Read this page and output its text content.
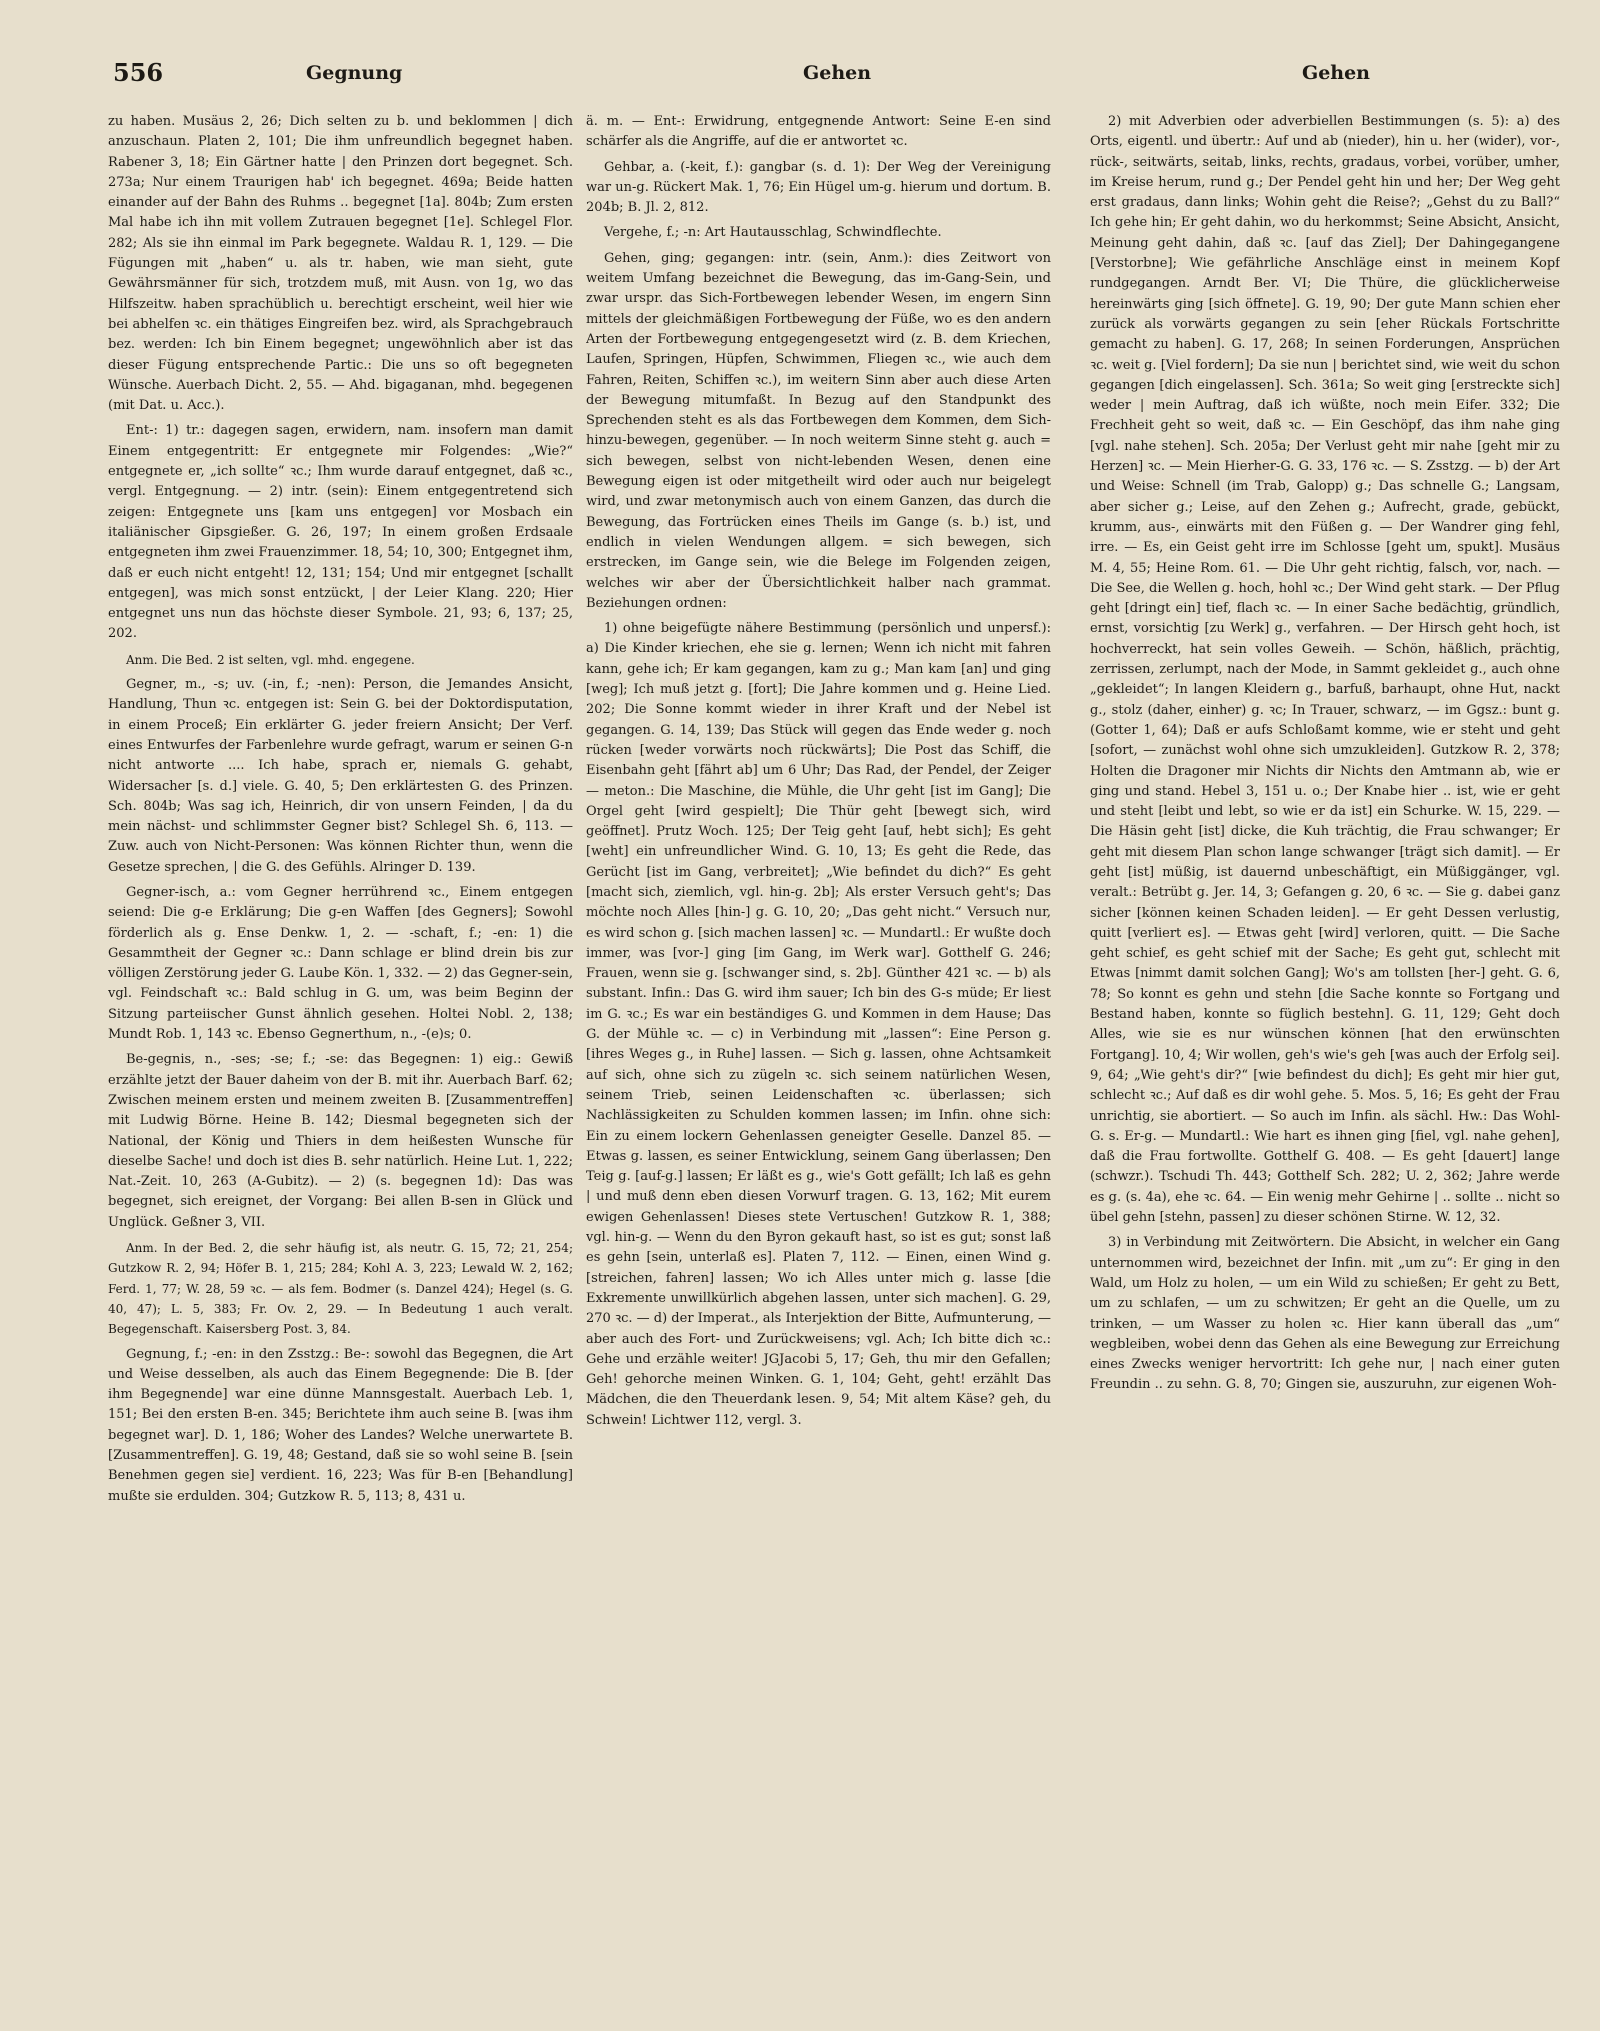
556	Gegnung	Gehen	Gehen

zu haben. Musäus 2, 26; Dich selten zu b. und beklommen | dich anzuschaun. Platen 2, 101; Die ihm unfreundlich begegnet haben. Rabener 3, 18; Ein Gärtner hatte | den Prinzen dort begegnet. Sch. 273a; Nur einem Traurigen hab' ich begegnet. 469a; Beide hatten einander auf der Bahn des Ruhms .. begegnet [1a]. 804b; Zum ersten Mal habe ich ihn mit vollem Zutrauen begegnet [1e]. Schlegel Flor. 282; Als sie ihn einmal im Park begegnete. Waldau R. 1, 129. — Die Fügungen mit „haben“ u. als tr. haben, wie man sieht, gute Gewährsmänner für sich, trotzdem muß, mit Ausn. von 1g, wo das Hilfszeitw. haben sprachüblich u. berechtigt erscheint, weil hier wie bei abhelfen ꝛc. ein thätiges Eingreifen bez. wird, als Sprachgebrauch bez. werden: Ich bin Einem begegnet; ungewöhnlich aber ist das dieser Fügung entsprechende Partic.: Die uns so oft begegneten Wünsche. Auerbach Dicht. 2, 55. — Ahd. bigaganan, mhd. begegenen (mit Dat. u. Acc.).

Ent-: 1) tr.: dagegen sagen, erwidern, nam. insofern man damit Einem entgegentritt: Er entgegnete mir Folgendes: „Wie?“ entgegnete er, „ich sollte“ ꝛc.; Ihm wurde darauf entgegnet, daß ꝛc., vergl. Entgegnung. — 2) intr. (sein): Einem entgegentretend sich zeigen: Entgegnete uns [kam uns entgegen] vor Mosbach ein italiänischer Gipsgießer. G. 26, 197; In einem großen Erdsaale entgegneten ihm zwei Frauenzimmer. 18, 54; 10, 300; Entgegnet ihm, daß er euch nicht entgeht! 12, 131; 154; Und mir entgegnet [schallt entgegen], was mich sonst entzückt, | der Leier Klang. 220; Hier entgegnet uns nun das höchste dieser Symbole. 21, 93; 6, 137; 25, 202.

Anm. Die Bed. 2 ist selten, vgl. mhd. engegene.

Gegner, m., -s; uv. (-in, f.; -nen): Person, die Jemandes Ansicht, Handlung, Thun ꝛc. entgegen ist: Sein G. bei der Doktordisputation, in einem Proceß; Ein erklärter G. jeder freiern Ansicht; Der Verf. eines Entwurfes der Farbenlehre wurde gefragt, warum er seinen G-n nicht antworte .... Ich habe, sprach er, niemals G. gehabt, Widersacher [s. d.] viele. G. 40, 5; Den erklärtesten G. des Prinzen. Sch. 804b; Was sag ich, Heinrich, dir von unsern Feinden, | da du mein nächst- und schlimmster Gegner bist? Schlegel Sh. 6, 113. — Zuw. auch von Nicht-Personen: Was können Richter thun, wenn die Gesetze sprechen, | die G. des Gefühls. Alringer D. 139.

Gegner-isch, a.: vom Gegner herrührend ꝛc., Einem entgegen seiend: Die g-e Erklärung; Die g-en Waffen [des Gegners]; Sowohl förderlich als g. Ense Denkw. 1, 2. — -schaft, f.; -en: 1) die Gesammtheit der Gegner ꝛc.: Dann schlage er blind drein bis zur völligen Zerstörung jeder G. Laube Kön. 1, 332. — 2) das Gegner-sein, vgl. Feindschaft ꝛc.: Bald schlug in G. um, was beim Beginn der Sitzung parteiischer Gunst ähnlich gesehen. Holtei Nobl. 2, 138; Mundt Rob. 1, 143 ꝛc. Ebenso Gegnerthum, n., -(e)s; 0.

Be-gegnis, n., -ses; -se; f.; -se: das Begegnen: 1) eig.: Gewiß erzählte jetzt der Bauer daheim von der B. mit ihr. Auerbach Barf. 62; Zwischen meinem ersten und meinem zweiten B. [Zusammentreffen] mit Ludwig Börne. Heine B. 142; Diesmal begegneten sich der National, der König und Thiers in dem heißesten Wunsche für dieselbe Sache! und doch ist dies B. sehr natürlich. Heine Lut. 1, 222; Nat.-Zeit. 10, 263 (A-Gubitz). — 2) (s. begegnen 1d): Das was begegnet, sich ereignet, der Vorgang: Bei allen B-sen in Glück und Unglück. Geßner 3, VII.

Anm. In der Bed. 2, die sehr häufig ist, als neutr. G. 15, 72; 21, 254; Gutzkow R. 2, 94; Höfer B. 1, 215; 284; Kohl A. 3, 223; Lewald W. 2, 162; Ferd. 1, 77; W. 28, 59 ꝛc. — als fem. Bodmer (s. Danzel 424); Hegel (s. G. 40, 47); L. 5, 383; Fr. Ov. 2, 29. — In Bedeutung 1 auch veralt. Begegenschaft. Kaisersberg Post. 3, 84.

Gegnung, f.; -en: in den Zsstzg.: Be-: sowohl das Begegnen, die Art und Weise desselben, als auch das Einem Begegnende: Die B. [der ihm Begegnende] war eine dünne Mannsgestalt. Auerbach Leb. 1, 151; Bei den ersten B-en. 345; Berichtete ihm auch seine B. [was ihm begegnet war]. D. 1, 186; Woher des Landes? Welche unerwartete B. [Zusammentreffen]. G. 19, 48; Gestand, daß sie so wohl seine B. [sein Benehmen gegen sie] verdient. 16, 223; Was für B-en [Behandlung] mußte sie erdulden. 304; Gutzkow R. 5, 113; 8, 431 u.

ä. m. — Ent-: Erwidrung, entgegnende Antwort: Seine E-en sind schärfer als die Angriffe, auf die er antwortet ꝛc.

Gehbar, a. (-keit, f.): gangbar (s. d. 1): Der Weg der Vereinigung war un-g. Rückert Mak. 1, 76; Ein Hügel um-g. hierum und dortum. B. 204b; B. Jl. 2, 812.

Vergehe, f.; -n: Art Hautausschlag, Schwindflechte.

Gehen, ging; gegangen: intr. (sein, Anm.): dies Zeitwort von weitem Umfang bezeichnet die Bewegung, das im-Gang-Sein, und zwar urspr. das Sich-Fortbewegen lebender Wesen, im engern Sinn mittels der gleichmäßigen Fortbewegung der Füße, wo es den andern Arten der Fortbewegung entgegengesetzt wird (z. B. dem Kriechen, Laufen, Springen, Hüpfen, Schwimmen, Fliegen ꝛc., wie auch dem Fahren, Reiten, Schiffen ꝛc.), im weitern Sinn aber auch diese Arten der Bewegung mitumfaßt. In Bezug auf den Standpunkt des Sprechenden steht es als das Fortbewegen dem Kommen, dem Sich-hinzu-bewegen, gegenüber. — In noch weiterm Sinne steht g. auch = sich bewegen, selbst von nicht-lebenden Wesen, denen eine Bewegung eigen ist oder mitgetheilt wird oder auch nur beigelegt wird, und zwar metonymisch auch von einem Ganzen, das durch die Bewegung, das Fortrücken eines Theils im Gange (s. b.) ist, und endlich in vielen Wendungen allgem. = sich bewegen, sich erstrecken, im Gange sein, wie die Belege im Folgenden zeigen, welches wir aber der Übersichtlichkeit halber nach grammat. Beziehungen ordnen:

1) ohne beigefügte nähere Bestimmung (persönlich und unpersf.): a) Die Kinder kriechen, ehe sie g. lernen; Wenn ich nicht mit fahren kann, gehe ich; Er kam gegangen, kam zu g.; Man kam [an] und ging [weg]; Ich muß jetzt g. [fort]; Die Jahre kommen und g. Heine Lied. 202; Die Sonne kommt wieder in ihrer Kraft und der Nebel ist gegangen. G. 14, 139; Das Stück will gegen das Ende weder g. noch rücken [weder vorwärts noch rückwärts]; Die Post das Schiff, die Eisenbahn geht [fährt ab] um 6 Uhr; Das Rad, der Pendel, der Zeiger — meton.: Die Maschine, die Mühle, die Uhr geht [ist im Gang]; Die Orgel geht [wird gespielt]; Die Thür geht [bewegt sich, wird geöffnet]. Prutz Woch. 125; Der Teig geht [auf, hebt sich]; Es geht [weht] ein unfreundlicher Wind. G. 10, 13; Es geht die Rede, das Gerücht [ist im Gang, verbreitet]; „Wie befindet du dich?“ Es geht [macht sich, ziemlich, vgl. hin-g. 2b]; Als erster Versuch geht's; Das möchte noch Alles [hin-] g. G. 10, 20; „Das geht nicht.“ Versuch nur, es wird schon g. [sich machen lassen] ꝛc. — Mundartl.: Er wußte doch immer, was [vor-] ging [im Gang, im Werk war]. Gotthelf G. 246; Frauen, wenn sie g. [schwanger sind, s. 2b]. Günther 421 ꝛc. — b) als substant. Infin.: Das G. wird ihm sauer; Ich bin des G-s müde; Er liest im G. ꝛc.; Es war ein beständiges G. und Kommen in dem Hause; Das G. der Mühle ꝛc. — c) in Verbindung mit „lassen“: Eine Person g. [ihres Weges g., in Ruhe] lassen. — Sich g. lassen, ohne Achtsamkeit auf sich, ohne sich zu zügeln ꝛc. sich seinem natürlichen Wesen, seinem Trieb, seinen Leidenschaften ꝛc. überlassen; sich Nachlässigkeiten zu Schulden kommen lassen; im Infin. ohne sich: Ein zu einem lockern Gehenlassen geneigter Geselle. Danzel 85. — Etwas g. lassen, es seiner Entwicklung, seinem Gang überlassen; Den Teig g. [auf-g.] lassen; Er läßt es g., wie's Gott gefällt; Ich laß es gehn | und muß denn eben diesen Vorwurf tragen. G. 13, 162; Mit eurem ewigen Gehenlassen! Dieses stete Vertuschen! Gutzkow R. 1, 388; vgl. hin-g. — Wenn du den Byron gekauft hast, so ist es gut; sonst laß es gehn [sein, unterlaß es]. Platen 7, 112. — Einen, einen Wind g. [streichen, fahren] lassen; Wo ich Alles unter mich g. lasse [die Exkremente unwillkürlich abgehen lassen, unter sich machen]. G. 29, 270 ꝛc. — d) der Imperat., als Interjektion der Bitte, Aufmunterung, — aber auch des Fort- und Zurückweisens; vgl. Ach; Ich bitte dich ꝛc.: Gehe und erzähle weiter! JGJacobi 5, 17; Geh, thu mir den Gefallen; Geh! gehorche meinen Winken. G. 1, 104; Geht, geht! erzählt Das Mädchen, die den Theuerdank lesen. 9, 54; Mit altem Käse? geh, du Schwein! Lichtwer 112, vergl. 3.

2) mit Adverbien oder adverbiellen Bestimmungen (s. 5): a) des Orts, eigentl. und übertr.: Auf und ab (nieder), hin u. her (wider), vor-, rück-, seitwärts, seitab, links, rechts, gradaus, vorbei, vorüber, umher, im Kreise herum, rund g.; Der Pendel geht hin und her; Der Weg geht erst gradaus, dann links; Wohin geht die Reise?; „Gehst du zu Ball?“ Ich gehe hin; Er geht dahin, wo du herkommst; Seine Absicht, Ansicht, Meinung geht dahin, daß ꝛc. [auf das Ziel]; Der Dahingegangene [Verstorbne]; Wie gefährliche Anschläge einst in meinem Kopf rundgegangen. Arndt Ber. VI; Die Thüre, die glücklicherweise hereinwärts ging [sich öffnete]. G. 19, 90; Der gute Mann schien eher zurück als vorwärts gegangen zu sein [eher Rückals Fortschritte gemacht zu haben]. G. 17, 268; In seinen Forderungen, Ansprüchen ꝛc. weit g. [Viel fordern]; Da sie nun | berichtet sind, wie weit du schon gegangen [dich eingelassen]. Sch. 361a; So weit ging [erstreckte sich] weder | mein Auftrag, daß ich wüßte, noch mein Eifer. 332; Die Frechheit geht so weit, daß ꝛc. — Ein Geschöpf, das ihm nahe ging [vgl. nahe stehen]. Sch. 205a; Der Verlust geht mir nahe [geht mir zu Herzen] ꝛc. — Mein Hierher-G. G. 33, 176 ꝛc. — S. Zsstzg. — b) der Art und Weise: Schnell (im Trab, Galopp) g.; Das schnelle G.; Langsam, aber sicher g.; Leise, auf den Zehen g.; Aufrecht, grade, gebückt, krumm, aus-, einwärts mit den Füßen g. — Der Wandrer ging fehl, irre. — Es, ein Geist geht irre im Schlosse [geht um, spukt]. Musäus M. 4, 55; Heine Rom. 61. — Die Uhr geht richtig, falsch, vor, nach. — Die See, die Wellen g. hoch, hohl ꝛc.; Der Wind geht stark. — Der Pflug geht [dringt ein] tief, flach ꝛc. — In einer Sache bedächtig, gründlich, ernst, vorsichtig [zu Werk] g., verfahren. — Der Hirsch geht hoch, ist hochverreckt, hat sein volles Geweih. — Schön, häßlich, prächtig, zerrissen, zerlumpt, nach der Mode, in Sammt gekleidet g., auch ohne „gekleidet“; In langen Kleidern g., barfuß, barhaupt, ohne Hut, nackt g., stolz (daher, einher) g. ꝛc; In Trauer, schwarz, — im Ggsz.: bunt g. (Gotter 1, 64); Daß er aufs Schloßamt komme, wie er steht und geht [sofort, — zunächst wohl ohne sich umzukleiden]. Gutzkow R. 2, 378; Holten die Dragoner mir Nichts dir Nichts den Amtmann ab, wie er ging und stand. Hebel 3, 151 u. o.; Der Knabe hier .. ist, wie er geht und steht [leibt und lebt, so wie er da ist] ein Schurke. W. 15, 229. — Die Häsin geht [ist] dicke, die Kuh trächtig, die Frau schwanger; Er geht mit diesem Plan schon lange schwanger [trägt sich damit]. — Er geht [ist] müßig, ist dauernd unbeschäftigt, ein Müßiggänger, vgl. veralt.: Betrübt g. Jer. 14, 3; Gefangen g. 20, 6 ꝛc. — Sie g. dabei ganz sicher [können keinen Schaden leiden]. — Er geht Dessen verlustig, quitt [verliert es]. — Etwas geht [wird] verloren, quitt. — Die Sache geht schief, es geht schief mit der Sache; Es geht gut, schlecht mit Etwas [nimmt damit solchen Gang]; Wo's am tollsten [her-] geht. G. 6, 78; So konnt es gehn und stehn [die Sache konnte so Fortgang und Bestand haben, konnte so füglich bestehn]. G. 11, 129; Geht doch Alles, wie sie es nur wünschen können [hat den erwünschten Fortgang]. 10, 4; Wir wollen, geh's wie's geh [was auch der Erfolg sei]. 9, 64; „Wie geht's dir?“ [wie befindest du dich]; Es geht mir hier gut, schlecht ꝛc.; Auf daß es dir wohl gehe. 5. Mos. 5, 16; Es geht der Frau unrichtig, sie abortiert. — So auch im Infin. als sächl. Hw.: Das Wohl-G. s. Er-g. — Mundartl.: Wie hart es ihnen ging [fiel, vgl. nahe gehen], daß die Frau fortwollte. Gotthelf G. 408. — Es geht [dauert] lange (schwzr.). Tschudi Th. 443; Gotthelf Sch. 282; U. 2, 362; Jahre werde es g. (s. 4a), ehe ꝛc. 64. — Ein wenig mehr Gehirne | .. sollte .. nicht so übel gehn [stehn, passen] zu dieser schönen Stirne. W. 12, 32.

3) in Verbindung mit Zeitwörtern. Die Absicht, in welcher ein Gang unternommen wird, bezeichnet der Infin. mit „um zu“: Er ging in den Wald, um Holz zu holen, — um ein Wild zu schießen; Er geht zu Bett, um zu schlafen, — um zu schwitzen; Er geht an die Quelle, um zu trinken, — um Wasser zu holen ꝛc. Hier kann überall das „um“ wegbleiben, wobei denn das Gehen als eine Bewegung zur Erreichung eines Zwecks weniger hervortritt: Ich gehe nur, | nach einer guten Freundin .. zu sehn. G. 8, 70; Gingen sie, auszuruhn, zur eigenen Woh-
